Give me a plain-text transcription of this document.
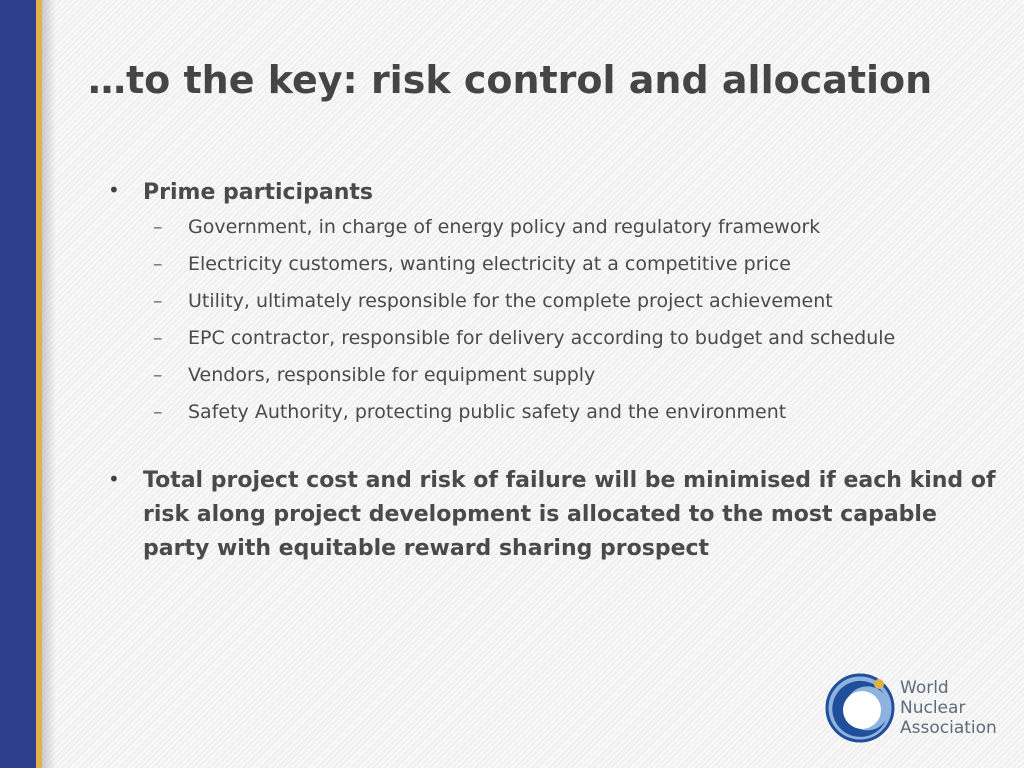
…to the key: risk control and allocation
• Prime participants
– Government, in charge of energy policy and regulatory framework
– Electricity customers, wanting electricity at a competitive price
– Utility, ultimately responsible for the complete project achievement
– EPC contractor, responsible for delivery according to budget and schedule
– Vendors, responsible for equipment supply
– Safety Authority, protecting public safety and the environment
• Total project cost and risk of failure will be minimised if each kind of risk along project development is allocated to the most capable party with equitable reward sharing prospect
World
Nuclear
Association
